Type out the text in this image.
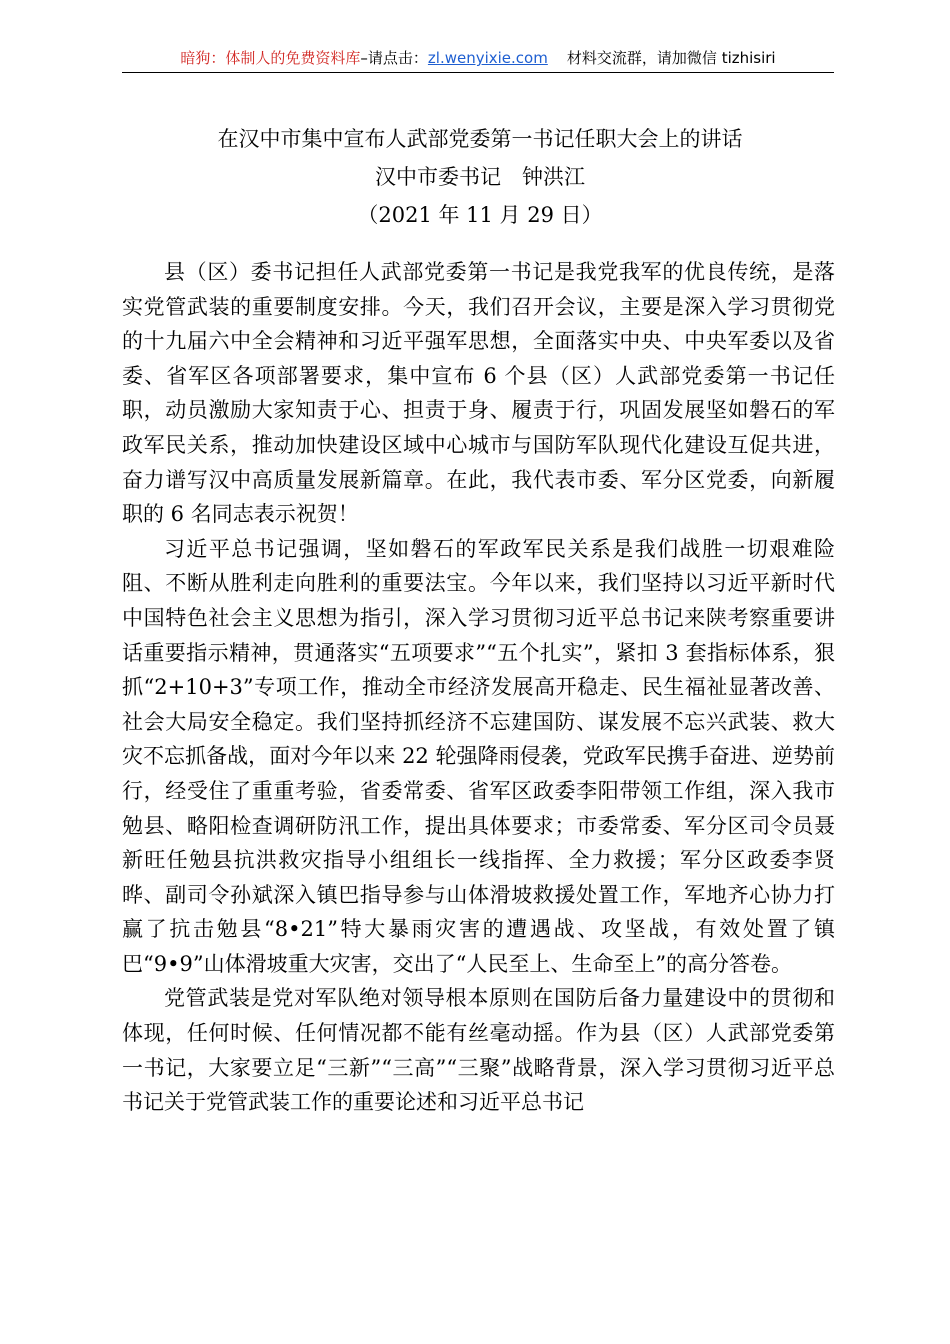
暗狗：体制人的免费资料库–请点击：zl.wenyixie.com 材料交流群，请加微信 tizhisiri
在汉中市集中宣布人武部党委第一书记任职大会上的讲话
汉中市委书记　钟洪江
（2021 年 11 月 29 日）

县（区）委书记担任人武部党委第一书记是我党我军的优良传统，是落实党管武装的重要制度安排。今天，我们召开会议，主要是深入学习贯彻党的十九届六中全会精神和习近平强军思想，全面落实中央、中央军委以及省委、省军区各项部署要求，集中宣布 6 个县（区）人武部党委第一书记任职，动员激励大家知责于心、担责于身、履责于行，巩固发展坚如磐石的军政军民关系，推动加快建设区域中心城市与国防军队现代化建设互促共进，奋力谱写汉中高质量发展新篇章。在此，我代表市委、军分区党委，向新履职的 6 名同志表示祝贺！

习近平总书记强调，坚如磐石的军政军民关系是我们战胜一切艰难险阻、不断从胜利走向胜利的重要法宝。今年以来，我们坚持以习近平新时代中国特色社会主义思想为指引，深入学习贯彻习近平总书记来陕考察重要讲话重要指示精神，贯通落实“五项要求”“五个扎实”，紧扣 3 套指标体系，狠抓“2+10+3”专项工作，推动全市经济发展高开稳走、民生福祉显著改善、社会大局安全稳定。我们坚持抓经济不忘建国防、谋发展不忘兴武装、救大灾不忘抓备战，面对今年以来 22 轮强降雨侵袭，党政军民携手奋进、逆势前行，经受住了重重考验，省委常委、省军区政委李阳带领工作组，深入我市勉县、略阳检查调研防汛工作，提出具体要求；市委常委、军分区司令员聂新旺任勉县抗洪救灾指导小组组长一线指挥、全力救援；军分区政委李贤晔、副司令孙斌深入镇巴指导参与山体滑坡救援处置工作，军地齐心协力打赢了抗击勉县“8•21”特大暴雨灾害的遭遇战、攻坚战，有效处置了镇巴“9•9”山体滑坡重大灾害，交出了“人民至上、生命至上”的高分答卷。

党管武装是党对军队绝对领导根本原则在国防后备力量建设中的贯彻和体现，任何时候、任何情况都不能有丝毫动摇。作为县（区）人武部党委第一书记，大家要立足“三新”“三高”“三聚”战略背景，深入学习贯彻习近平总书记关于党管武装工作的重要论述和习近平总书记
